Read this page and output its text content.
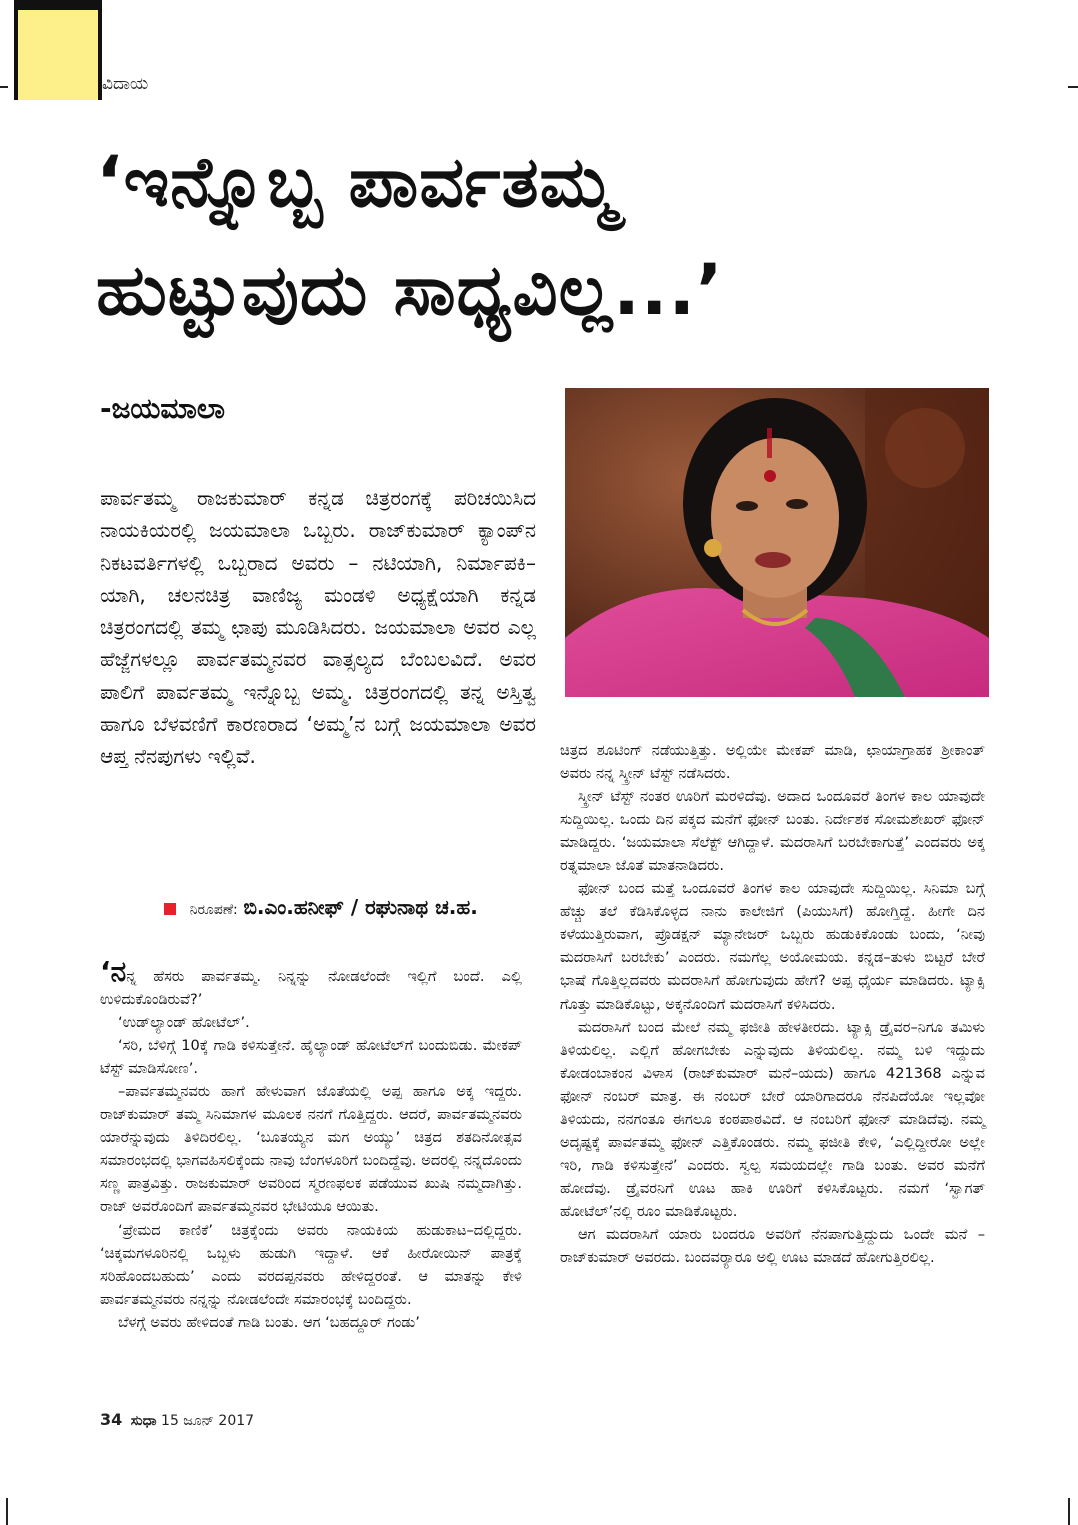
ವಿದಾಯ
‘ಇನ್ನೊಬ್ಬ ಪಾರ್ವತಮ್ಮ
ಹುಟ್ಟುವುದು ಸಾಧ್ಯವಿಲ್ಲ...’
-ಜಯಮಾಲಾ

ಪಾರ್ವತಮ್ಮ ರಾಜಕುಮಾರ್ ಕನ್ನಡ ಚಿತ್ರರಂಗಕ್ಕೆ ಪರಿಚಯಿಸಿದ ನಾಯಕಿಯರಲ್ಲಿ ಜಯಮಾಲಾ ಒಬ್ಬರು. ರಾಜ್‌ಕುಮಾರ್ ಕ್ಯಾಂಪ್‌ನ ನಿಕಟವರ್ತಿಗಳಲ್ಲಿ ಒಬ್ಬರಾದ ಅವರು – ನಟಿಯಾಗಿ, ನಿರ್ಮಾಪಕಿ–ಯಾಗಿ, ಚಲನಚಿತ್ರ ವಾಣಿಜ್ಯ ಮಂಡಳಿ ಅಧ್ಯಕ್ಷೆಯಾಗಿ ಕನ್ನಡ ಚಿತ್ರರಂಗದಲ್ಲಿ ತಮ್ಮ ಛಾಪು ಮೂಡಿಸಿದರು. ಜಯಮಾಲಾ ಅವರ ಎಲ್ಲ ಹೆಜ್ಜೆಗಳಲ್ಲೂ ಪಾರ್ವತಮ್ಮನವರ ವಾತ್ಸಲ್ಯದ ಬೆಂಬಲವಿದೆ. ಅವರ ಪಾಲಿಗೆ ಪಾರ್ವತಮ್ಮ ಇನ್ನೊಬ್ಬ ಅಮ್ಮ. ಚಿತ್ರರಂಗದಲ್ಲಿ ತನ್ನ ಅಸ್ತಿತ್ವ ಹಾಗೂ ಬೆಳವಣಿಗೆ ಕಾರಣರಾದ ‘ಅಮ್ಮ’ನ ಬಗ್ಗೆ ಜಯಮಾಲಾ ಅವರ ಆಪ್ತ ನೆನಪುಗಳು ಇಲ್ಲಿವೆ.

ನಿರೂಪಣೆ: ಬಿ.ಎಂ.ಹನೀಫ್ / ರಘುನಾಥ ಚ.ಹ.

‘ನನ್ನ ಹೆಸರು ಪಾರ್ವತಮ್ಮ. ನಿನ್ನನ್ನು ನೋಡಲೆಂದೇ ಇಲ್ಲಿಗೆ ಬಂದೆ. ಎಲ್ಲಿ ಉಳಿದುಕೊಂಡಿರುವೆ?’

‘ಉಡ್‌ಲ್ಯಾಂಡ್ ಹೋಟೆಲ್’.

‘ಸರಿ, ಬೆಳಿಗ್ಗೆ 10ಕ್ಕೆ ಗಾಡಿ ಕಳಿಸುತ್ತೇನೆ. ಹೈಲ್ಯಾಂಡ್ ಹೋಟೆಲ್‌ಗೆ ಬಂದುಬಿಡು. ಮೇಕಪ್ ಟೆಸ್ಟ್ ಮಾಡಿಸೋಣ’.

–ಪಾರ್ವತಮ್ಮನವರು ಹಾಗೆ ಹೇಳುವಾಗ ಜೊತೆಯಲ್ಲಿ ಅಪ್ಪ ಹಾಗೂ ಅಕ್ಕ ಇದ್ದರು. ರಾಜ್‌ಕುಮಾರ್ ತಮ್ಮ ಸಿನಿಮಾಗಳ ಮೂಲಕ ನನಗೆ ಗೊತ್ತಿದ್ದರು. ಆದರೆ, ಪಾರ್ವತಮ್ಮನವರು ಯಾರೆನ್ನುವುದು ತಿಳಿದಿರಲಿಲ್ಲ. ‘ಬೂತಯ್ಯನ ಮಗ ಅಯ್ಯು’ ಚಿತ್ರದ ಶತದಿನೋತ್ಸವ ಸಮಾರಂಭದಲ್ಲಿ ಭಾಗವಹಿಸಲಿಕ್ಕೆಂದು ನಾವು ಬೆಂಗಳೂರಿಗೆ ಬಂದಿದ್ದೆವು. ಅದರಲ್ಲಿ ನನ್ನದೊಂದು ಸಣ್ಣ ಪಾತ್ರವಿತ್ತು. ರಾಜಕುಮಾರ್ ಅವರಿಂದ ಸ್ಮರಣಫಲಕ ಪಡೆಯುವ ಖುಷಿ ನಮ್ಮದಾಗಿತ್ತು. ರಾಜ್ ಅವರೊಂದಿಗೆ ಪಾರ್ವತಮ್ಮನವರ ಭೇಟಿಯೂ ಆಯಿತು.

‘ಪ್ರೇಮದ ಕಾಣಿಕೆ’ ಚಿತ್ರಕ್ಕೆಂದು ಅವರು ನಾಯಕಿಯ ಹುಡುಕಾಟ–ದಲ್ಲಿದ್ದರು. ‘ಚಿಕ್ಕಮಗಳೂರಿನಲ್ಲಿ ಒಬ್ಬಳು ಹುಡುಗಿ ಇದ್ದಾಳೆ. ಆಕೆ ಹೀರೋಯಿನ್ ಪಾತ್ರಕ್ಕೆ ಸರಿಹೊಂದಬಹುದು’ ಎಂದು ವರದಪ್ಪನವರು ಹೇಳಿದ್ದರಂತೆ. ಆ ಮಾತನ್ನು ಕೇಳಿ ಪಾರ್ವತಮ್ಮನವರು ನನ್ನನ್ನು ನೋಡಲೆಂದೇ ಸಮಾರಂಭಕ್ಕೆ ಬಂದಿದ್ದರು.

ಬೆಳಗ್ಗೆ ಅವರು ಹೇಳಿದಂತೆ ಗಾಡಿ ಬಂತು. ಆಗ ‘ಬಹದ್ದೂರ್ ಗಂಡು’

ಚಿತ್ರದ ಶೂಟಿಂಗ್ ನಡೆಯುತ್ತಿತ್ತು. ಅಲ್ಲಿಯೇ ಮೇಕಪ್ ಮಾಡಿ, ಛಾಯಾಗ್ರಾಹಕ ಶ್ರೀಕಾಂತ್ ಅವರು ನನ್ನ ಸ್ಕ್ರೀನ್ ಟೆಸ್ಟ್ ನಡೆಸಿದರು.

ಸ್ಕ್ರೀನ್ ಟೆಸ್ಟ್ ನಂತರ ಊರಿಗೆ ಮರಳಿದೆವು. ಅದಾದ ಒಂದೂವರೆ ತಿಂಗಳ ಕಾಲ ಯಾವುದೇ ಸುದ್ದಿಯಿಲ್ಲ. ಒಂದು ದಿನ ಪಕ್ಕದ ಮನೆಗೆ ಫೋನ್ ಬಂತು. ನಿರ್ದೇಶಕ ಸೋಮಶೇಖರ್ ಫೋನ್ ಮಾಡಿದ್ದರು. ‘ಜಯಮಾಲಾ ಸೆಲೆಕ್ಟ್ ಆಗಿದ್ದಾಳೆ. ಮದರಾಸಿಗೆ ಬರಬೇಕಾಗುತ್ತೆ’ ಎಂದವರು ಅಕ್ಕ ರತ್ನಮಾಲಾ ಜೊತೆ ಮಾತನಾಡಿದರು.

ಫೋನ್ ಬಂದ ಮತ್ತೆ ಒಂದೂವರೆ ತಿಂಗಳ ಕಾಲ ಯಾವುದೇ ಸುದ್ದಿಯಿಲ್ಲ. ಸಿನಿಮಾ ಬಗ್ಗೆ ಹೆಚ್ಚು ತಲೆ ಕೆಡಿಸಿಕೊಳ್ಳದ ನಾನು ಕಾಲೇಜಿಗೆ (ಪಿಯುಸಿಗೆ) ಹೋಗ್ತಿದ್ದೆ. ಹೀಗೇ ದಿನ ಕಳೆಯುತ್ತಿರುವಾಗ, ಪ್ರೊಡಕ್ಷನ್ ಮ್ಯಾನೇಜರ್ ಒಬ್ಬರು ಹುಡುಕಿಕೊಂಡು ಬಂದು, ‘ನೀವು ಮದರಾಸಿಗೆ ಬರಬೇಕು’ ಎಂದರು. ನಮಗೆಲ್ಲ ಅಯೋಮಯ. ಕನ್ನಡ–ತುಳು ಬಿಟ್ಟರೆ ಬೇರೆ ಭಾಷೆ ಗೊತ್ತಿಲ್ಲದವರು ಮದರಾಸಿಗೆ ಹೋಗುವುದು ಹೇಗೆ? ಅಪ್ಪ ಧೈರ್ಯ ಮಾಡಿದರು. ಟ್ಯಾಕ್ಸಿ ಗೊತ್ತು ಮಾಡಿಕೊಟ್ಟು, ಅಕ್ಕನೊಂದಿಗೆ ಮದರಾಸಿಗೆ ಕಳಿಸಿದರು.

ಮದರಾಸಿಗೆ ಬಂದ ಮೇಲೆ ನಮ್ಮ ಫಜೀತಿ ಹೇಳತೀರದು. ಟ್ಯಾಕ್ಸಿ ಡ್ರೈವರ–ನಿಗೂ ತಮಿಳು ತಿಳಿಯಲಿಲ್ಲ. ಎಲ್ಲಿಗೆ ಹೋಗಬೇಕು ಎನ್ನುವುದು ತಿಳಿಯಲಿಲ್ಲ. ನಮ್ಮ ಬಳಿ ಇದ್ದುದು ಕೋಡಂಬಾಕಂನ ವಿಳಾಸ (ರಾಜ್‌ಕುಮಾರ್ ಮನೆ–ಯದು) ಹಾಗೂ 421368 ಎನ್ನುವ ಫೋನ್ ನಂಬರ್ ಮಾತ್ರ. ಈ ನಂಬರ್ ಬೇರೆ ಯಾರಿಗಾದರೂ ನೆನಪಿದೆಯೋ ಇಲ್ಲವೋ ತಿಳಿಯದು, ನನಗಂತೂ ಈಗಲೂ ಕಂಠಪಾಠವಿದೆ. ಆ ನಂಬರಿಗೆ ಫೋನ್ ಮಾಡಿದೆವು. ನಮ್ಮ ಅದೃಷ್ಟಕ್ಕೆ ಪಾರ್ವತಮ್ಮ ಫೋನ್ ಎತ್ತಿಕೊಂಡರು. ನಮ್ಮ ಫಜೀತಿ ಕೇಳಿ, ‘ಎಲ್ಲಿದ್ದೀರೋ ಅಲ್ಲೇ ಇರಿ, ಗಾಡಿ ಕಳಿಸುತ್ತೇನೆ’ ಎಂದರು. ಸ್ವಲ್ಪ ಸಮಯದಲ್ಲೇ ಗಾಡಿ ಬಂತು. ಅವರ ಮನೆಗೆ ಹೋದೆವು. ಡ್ರೈವರನಿಗೆ ಊಟ ಹಾಕಿ ಊರಿಗೆ ಕಳಿಸಿಕೊಟ್ಟರು. ನಮಗೆ ‘ಸ್ವಾಗತ್ ಹೋಟೆಲ್’ನಲ್ಲಿ ರೂಂ ಮಾಡಿಕೊಟ್ಟರು.

ಆಗ ಮದರಾಸಿಗೆ ಯಾರು ಬಂದರೂ ಅವರಿಗೆ ನೆನಪಾಗುತ್ತಿದ್ದುದು ಒಂದೇ ಮನೆ – ರಾಜ್‌ಕುಮಾರ್ ಅವರದು. ಬಂದವರ್‍ಯಾರೂ ಅಲ್ಲಿ ಊಟ ಮಾಡದೆ ಹೋಗುತ್ತಿರಲಿಲ್ಲ.

34 ಸುಧಾ 15 ಜೂನ್ 2017
